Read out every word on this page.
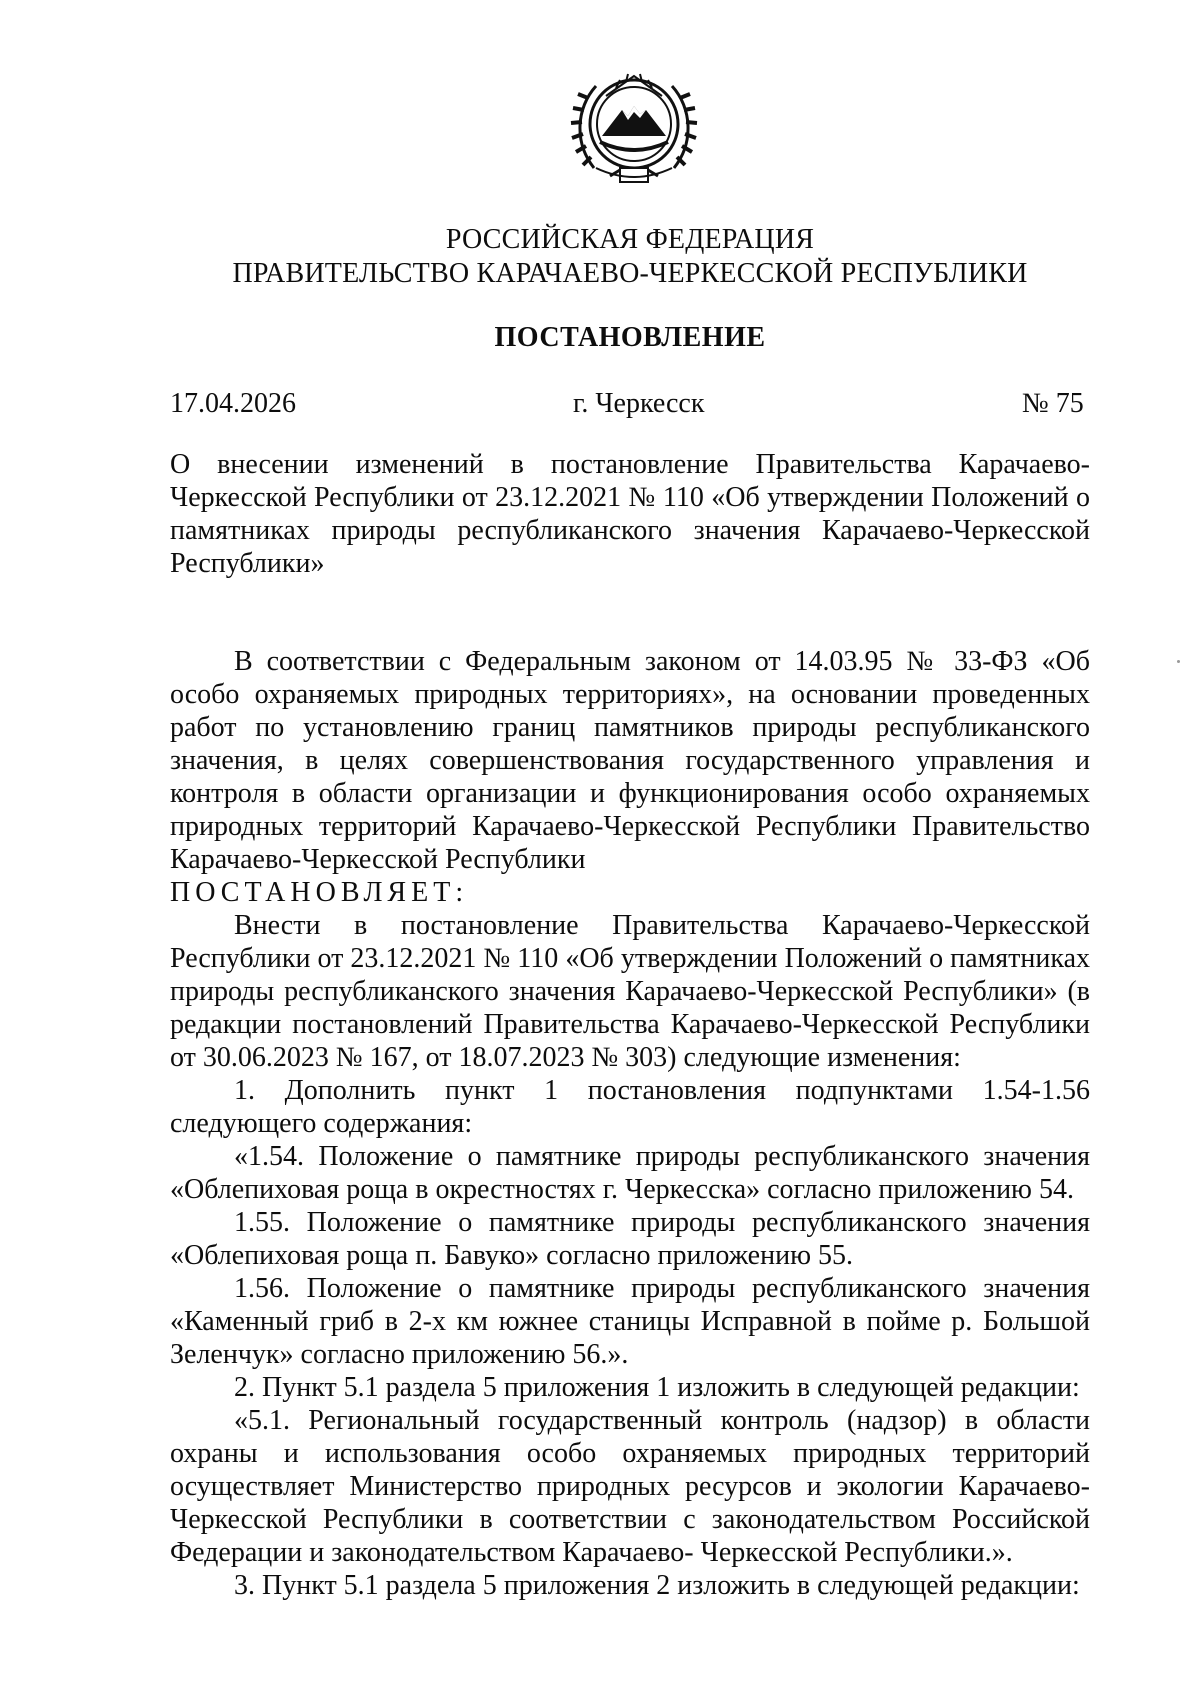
РОССИЙСКАЯ ФЕДЕРАЦИЯ
ПРАВИТЕЛЬСТВО КАРАЧАЕВО-ЧЕРКЕССКОЙ РЕСПУБЛИКИ
ПОСТАНОВЛЕНИЕ
17.04.2026	г. Черкесск	№ 75
О внесении изменений в постановление Правительства Карачаево-Черкесской Республики от 23.12.2021 № 110 «Об утверждении Положений о памятниках природы республиканского значения Карачаево-Черкесской Республики»

В соответствии с Федеральным законом от 14.03.95 № 33-ФЗ «Об особо охраняемых природных территориях», на основании проведенных работ по установлению границ памятников природы республиканского значения, в целях совершенствования государственного управления и контроля в области организации и функционирования особо охраняемых природных территорий Карачаево-Черкесской Республики Правительство Карачаево-Черкесской Республики

ПОСТАНОВЛЯЕТ:

Внести в постановление Правительства Карачаево-Черкесской Республики от 23.12.2021 № 110 «Об утверждении Положений о памятниках природы республиканского значения Карачаево-Черкесской Республики» (в редакции постановлений Правительства Карачаево-Черкесской Республики от 30.06.2023 № 167, от 18.07.2023 № 303) следующие изменения:

1. Дополнить пункт 1 постановления подпунктами 1.54-1.56 следующего содержания:

«1.54. Положение о памятнике природы республиканского значения «Облепиховая роща в окрестностях г. Черкесска» согласно приложению 54.

1.55. Положение о памятнике природы республиканского значения «Облепиховая роща п. Бавуко» согласно приложению 55.

1.56. Положение о памятнике природы республиканского значения «Каменный гриб в 2-х км южнее станицы Исправной в пойме р. Большой Зеленчук» согласно приложению 56.».

2. Пункт 5.1 раздела 5 приложения 1 изложить в следующей редакции:

«5.1. Региональный государственный контроль (надзор) в области охраны и использования особо охраняемых природных территорий осуществляет Министерство природных ресурсов и экологии Карачаево-Черкесской Республики в соответствии с законодательством Российской Федерации и законодательством Карачаево- Черкесской Республики.».

3. Пункт 5.1 раздела 5 приложения 2 изложить в следующей редакции:
